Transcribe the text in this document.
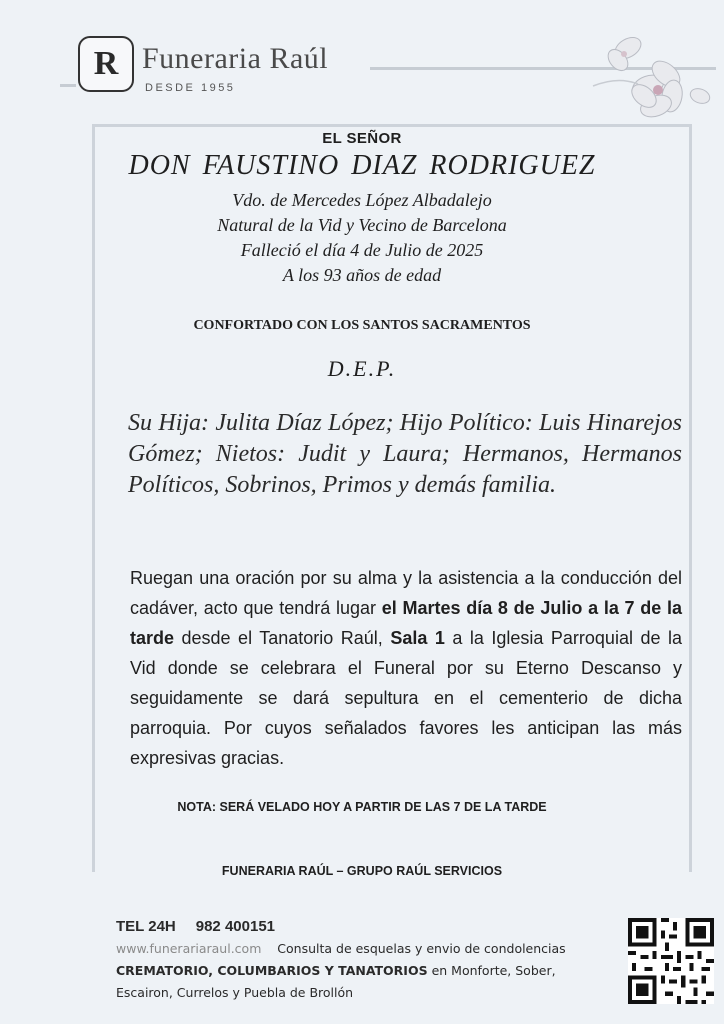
R Funeraria Raúl
DESDE 1955
EL SEÑOR
DON FAUSTINO DIAZ RODRIGUEZ
Vdo. de Mercedes López Albadalejo
Natural de la Vid y Vecino de Barcelona
Falleció el día 4 de Julio de 2025
A los 93 años de edad
CONFORTADO CON LOS SANTOS SACRAMENTOS
D.E.P.
Su Hija: Julita Díaz López; Hijo Político: Luis Hinarejos Gómez; Nietos: Judit y Laura; Hermanos, Hermanos Políticos, Sobrinos, Primos y demás familia.
Ruegan una oración por su alma y la asistencia a la conducción del cadáver, acto que tendrá lugar el Martes día 8 de Julio a la 7 de la tarde desde el Tanatorio Raúl, Sala 1 a la Iglesia Parroquial de la Vid donde se celebrara el Funeral por su Eterno Descanso y seguidamente se dará sepultura en el cementerio de dicha parroquia. Por cuyos señalados favores les anticipan las más expresivas gracias.
NOTA: SERÁ VELADO HOY A PARTIR DE LAS 7 DE LA TARDE
FUNERARIA RAÚL – GRUPO RAÚL SERVICIOS
TEL 24H 982 400151
www.funerariaraul.com Consulta de esquelas y envio de condolencias CREMATORIO, COLUMBARIOS Y TANATORIOS en Monforte, Sober, Escairon, Currelos y Puebla de Brollón
